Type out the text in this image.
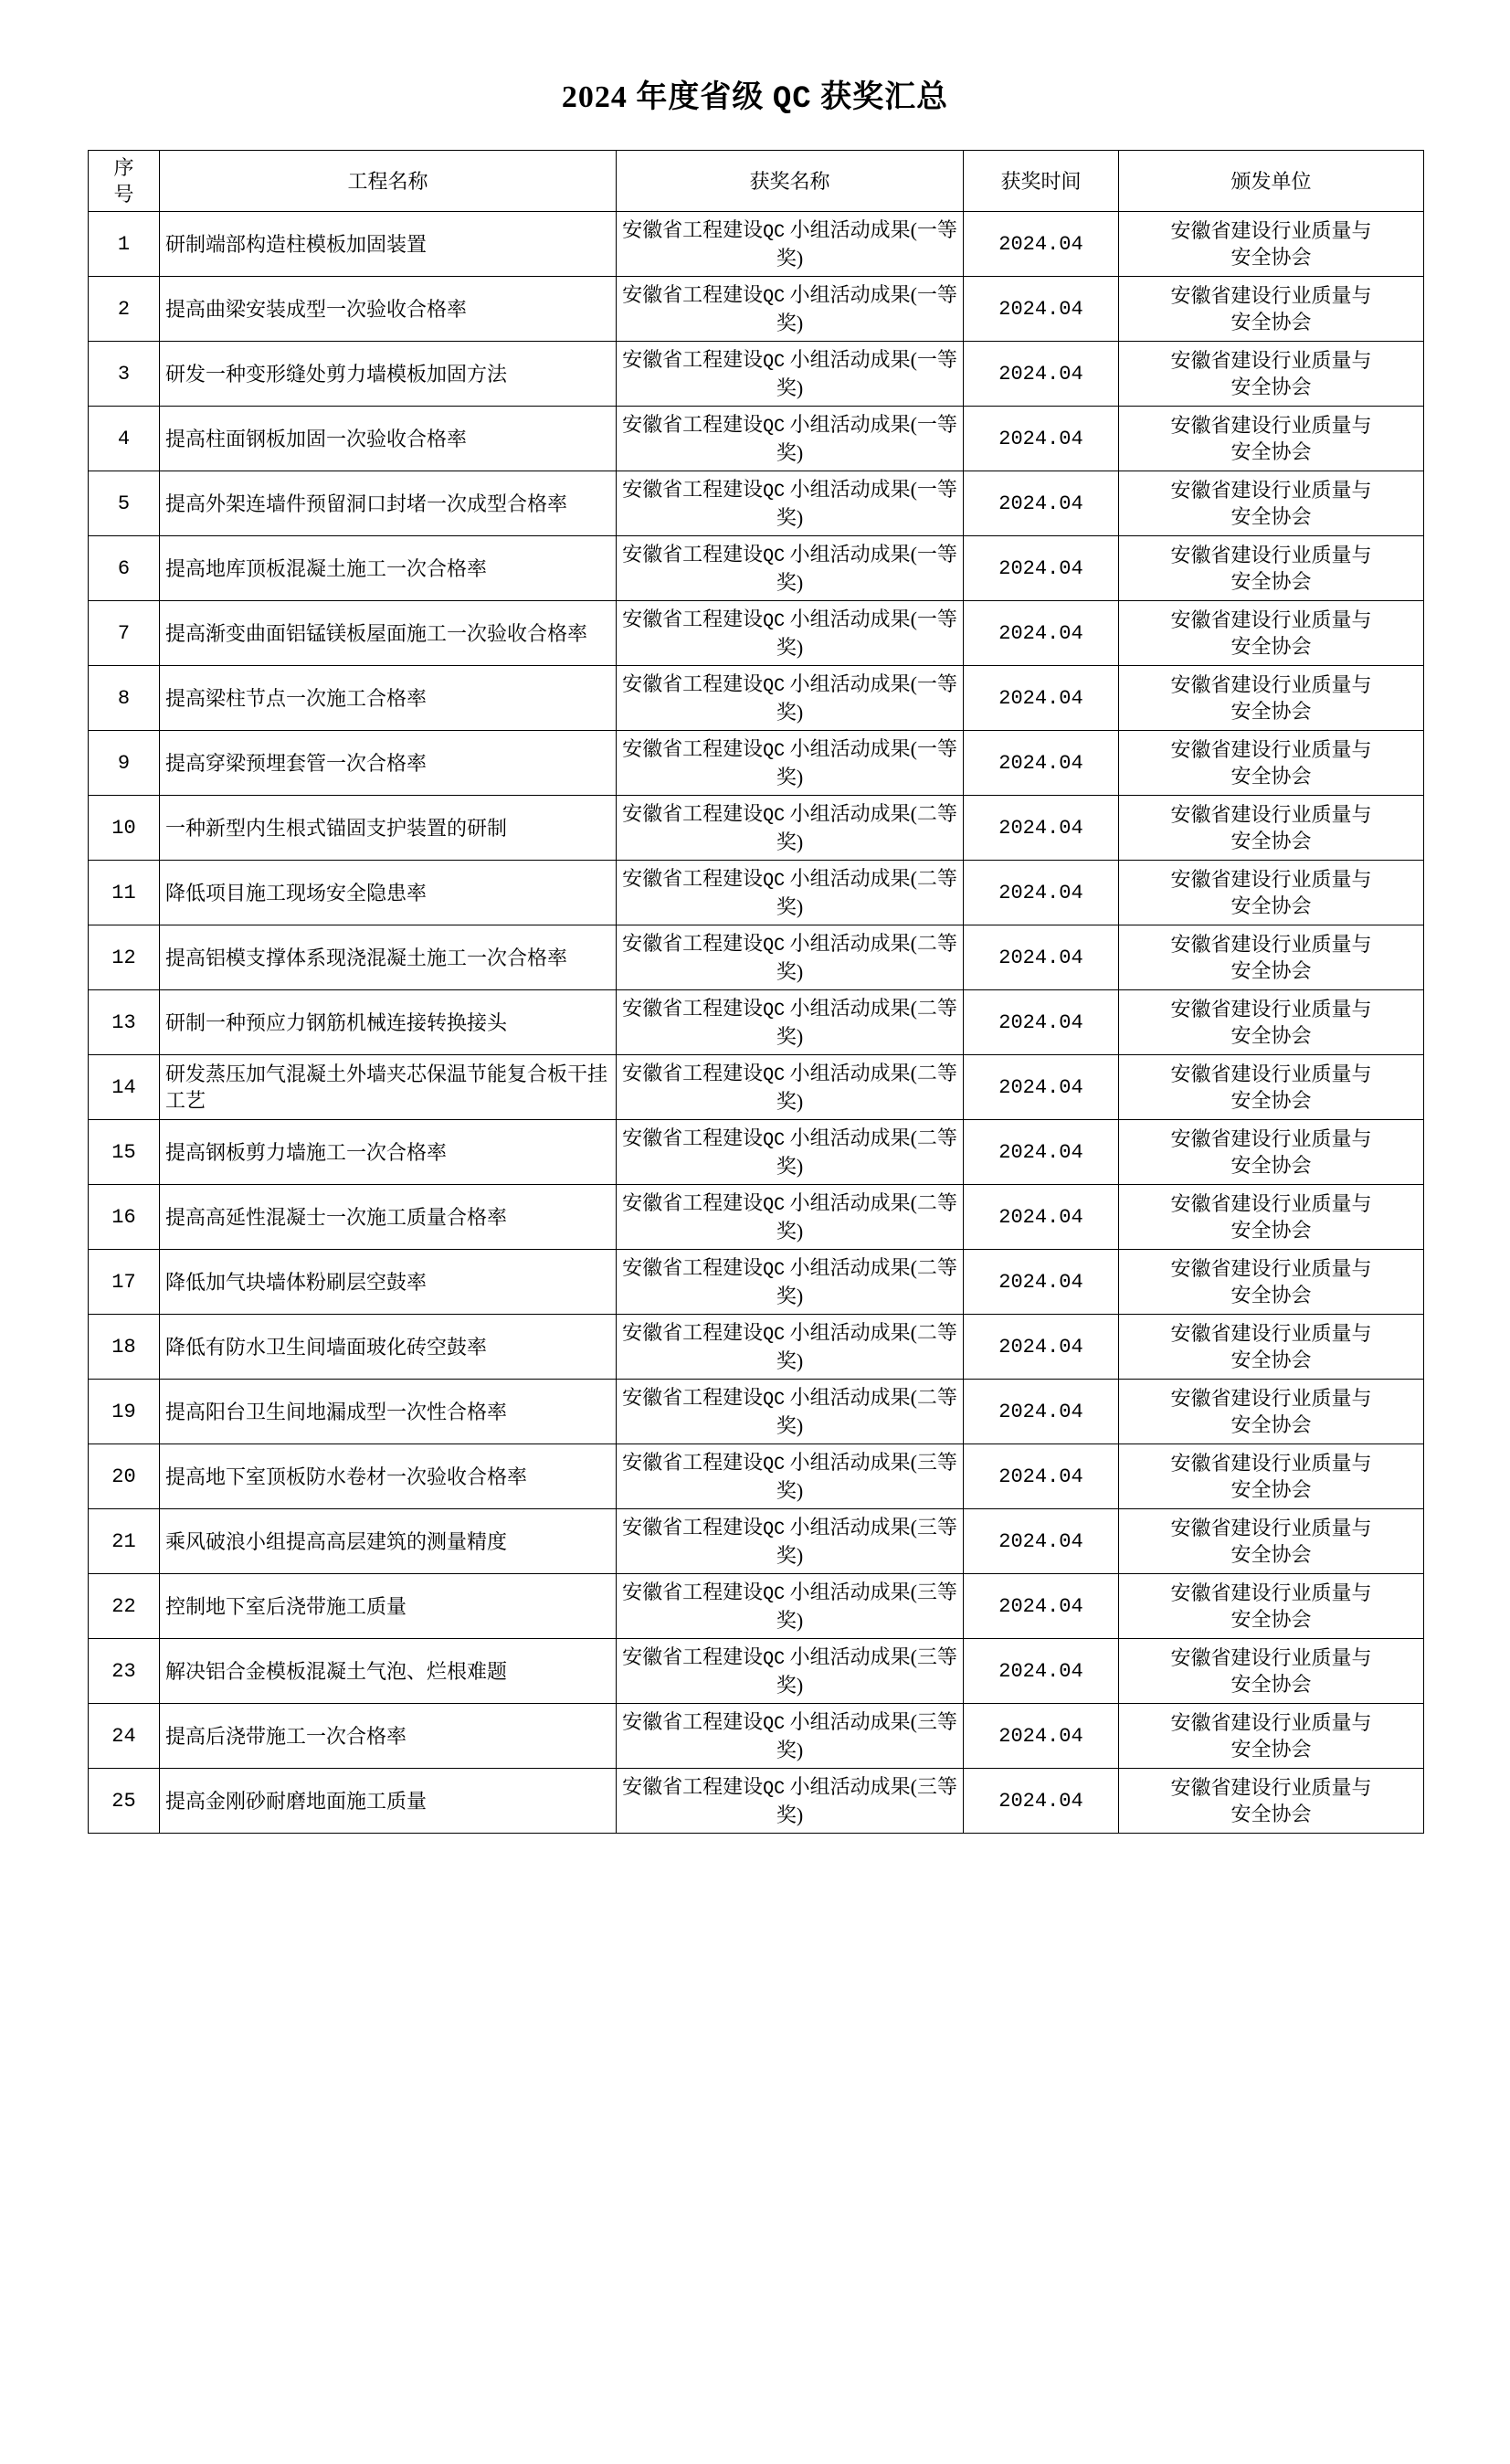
2024 年度省级 QC 获奖汇总
序
号	工程名称	获奖名称	获奖时间	颁发单位
1	研制端部构造柱模板加固装置	安徽省工程建设QC 小组活动成果(一等奖)	2024.04	安徽省建设行业质量与
安全协会

2	提高曲梁安装成型一次验收合格率	安徽省工程建设QC 小组活动成果(一等奖)	2024.04	安徽省建设行业质量与
安全协会

3	研发一种变形缝处剪力墙模板加固方法	安徽省工程建设QC 小组活动成果(一等奖)	2024.04	安徽省建设行业质量与
安全协会

4	提高柱面钢板加固一次验收合格率	安徽省工程建设QC 小组活动成果(一等奖)	2024.04	安徽省建设行业质量与
安全协会

5	提高外架连墙件预留洞口封堵一次成型合格率	安徽省工程建设QC 小组活动成果(一等奖)	2024.04	安徽省建设行业质量与
安全协会

6	提高地库顶板混凝土施工一次合格率	安徽省工程建设QC 小组活动成果(一等奖)	2024.04	安徽省建设行业质量与
安全协会

7	提高渐变曲面铝锰镁板屋面施工一次验收合格率	安徽省工程建设QC 小组活动成果(一等奖)	2024.04	安徽省建设行业质量与
安全协会

8	提高梁柱节点一次施工合格率	安徽省工程建设QC 小组活动成果(一等奖)	2024.04	安徽省建设行业质量与
安全协会

9	提高穿梁预埋套管一次合格率	安徽省工程建设QC 小组活动成果(一等奖)	2024.04	安徽省建设行业质量与
安全协会

10	一种新型内生根式锚固支护装置的研制	安徽省工程建设QC 小组活动成果(二等奖)	2024.04	安徽省建设行业质量与
安全协会

11	降低项目施工现场安全隐患率	安徽省工程建设QC 小组活动成果(二等奖)	2024.04	安徽省建设行业质量与
安全协会

12	提高铝模支撑体系现浇混凝土施工一次合格率	安徽省工程建设QC 小组活动成果(二等奖)	2024.04	安徽省建设行业质量与
安全协会

13	研制一种预应力钢筋机械连接转换接头	安徽省工程建设QC 小组活动成果(二等奖)	2024.04	安徽省建设行业质量与
安全协会

14	研发蒸压加气混凝土外墙夹芯保温节能复合板干挂工艺	安徽省工程建设QC 小组活动成果(二等奖)	2024.04	安徽省建设行业质量与
安全协会

15	提高钢板剪力墙施工一次合格率	安徽省工程建设QC 小组活动成果(二等奖)	2024.04	安徽省建设行业质量与
安全协会

16	提高高延性混凝士一次施工质量合格率	安徽省工程建设QC 小组活动成果(二等奖)	2024.04	安徽省建设行业质量与
安全协会

17	降低加气块墙体粉刷层空鼓率	安徽省工程建设QC 小组活动成果(二等奖)	2024.04	安徽省建设行业质量与
安全协会

18	降低有防水卫生间墙面玻化砖空鼓率	安徽省工程建设QC 小组活动成果(二等奖)	2024.04	安徽省建设行业质量与
安全协会

19	提高阳台卫生间地漏成型一次性合格率	安徽省工程建设QC 小组活动成果(二等奖)	2024.04	安徽省建设行业质量与
安全协会

20	提高地下室顶板防水卷材一次验收合格率	安徽省工程建设QC 小组活动成果(三等奖)	2024.04	安徽省建设行业质量与
安全协会

21	乘风破浪小组提高高层建筑的测量精度	安徽省工程建设QC 小组活动成果(三等奖)	2024.04	安徽省建设行业质量与
安全协会

22	控制地下室后浇带施工质量	安徽省工程建设QC 小组活动成果(三等奖)	2024.04	安徽省建设行业质量与
安全协会

23	解决铝合金模板混凝土气泡、烂根难题	安徽省工程建设QC 小组活动成果(三等奖)	2024.04	安徽省建设行业质量与
安全协会

24	提高后浇带施工一次合格率	安徽省工程建设QC 小组活动成果(三等奖)	2024.04	安徽省建设行业质量与
安全协会

25	提高金刚砂耐磨地面施工质量	安徽省工程建设QC 小组活动成果(三等奖)	2024.04	安徽省建设行业质量与
安全协会
